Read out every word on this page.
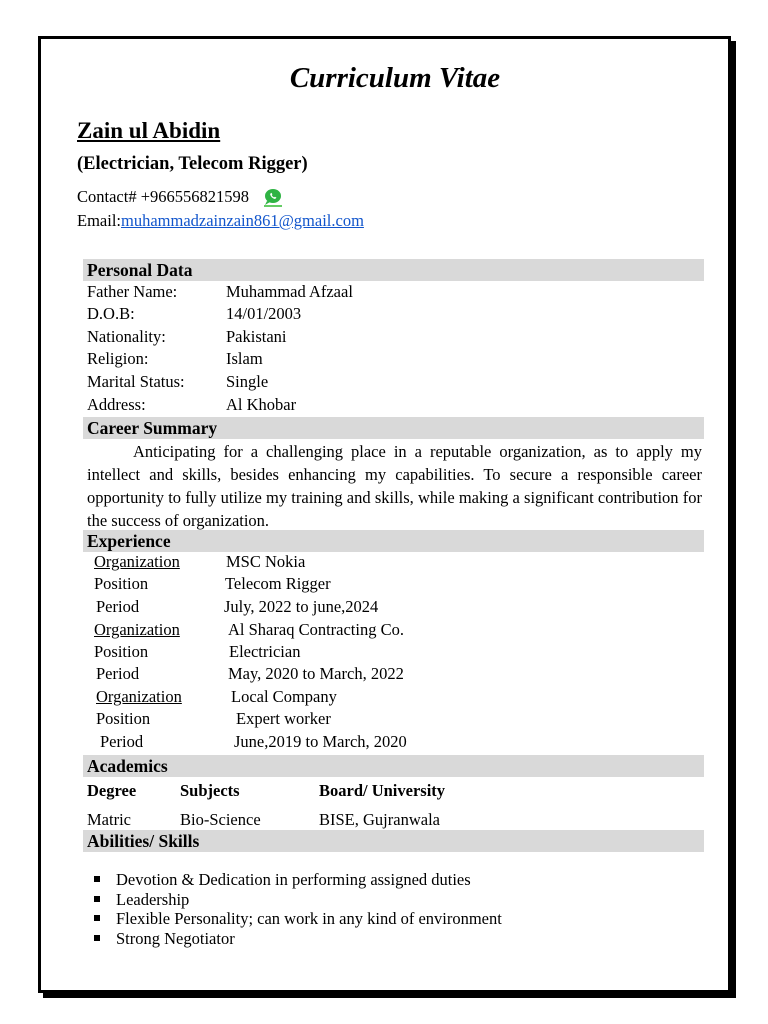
Curriculum Vitae
Zain ul Abidin
(Electrician, Telecom Rigger)
Contact# +966556821598
Email:muhammadzainzain861@gmail.com
Personal Data
Father Name:	Muhammad Afzaal
D.O.B:	14/01/2003
Nationality:	Pakistani
Religion:	Islam
Marital Status:	Single
Address:	Al Khobar
Career Summary
Anticipating for a challenging place in a reputable organization, as to apply my intellect and skills, besides enhancing my capabilities. To secure a responsible career opportunity to fully utilize my training and skills, while making a significant contribution for the success of organization.
Experience
Organization	MSC Nokia
Position	Telecom Rigger
Period	July, 2022 to june,2024
Organization	Al Sharaq Contracting Co.
Position	Electrician
Period	May, 2020 to March, 2022
Organization	Local Company
Position	Expert worker
Period	June,2019 to March, 2020
Academics
Degree	Subjects	Board/ University
Matric	Bio-Science	BISE, Gujranwala
Abilities/ Skills
Devotion & Dedication in performing assigned duties
Leadership
Flexible Personality; can work in any kind of environment
Strong Negotiator
